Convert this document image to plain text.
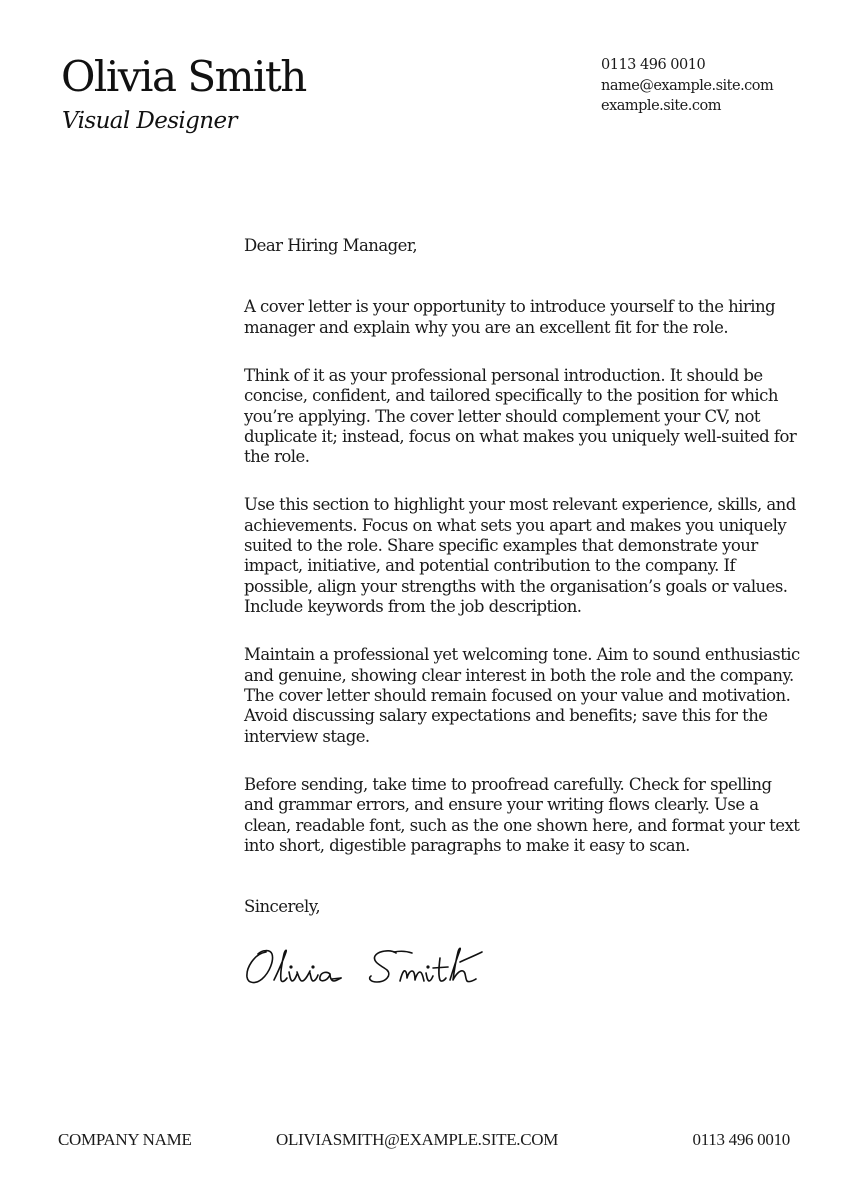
Olivia Smith
Visual Designer
0113 496 0010
name@example.site.com
example.site.com

Dear Hiring Manager,

A cover letter is your opportunity to introduce yourself to the hiring manager and explain why you are an excellent fit for the role.

Think of it as your professional personal introduction. It should be concise, confident, and tailored specifically to the position for which you’re applying. The cover letter should complement your CV, not duplicate it; instead, focus on what makes you uniquely well-suited for the role.

Use this section to highlight your most relevant experience, skills, and achievements. Focus on what sets you apart and makes you uniquely suited to the role. Share specific examples that demonstrate your impact, initiative, and potential contribution to the company. If possible, align your strengths with the organisation’s goals or values. Include keywords from the job description.

Maintain a professional yet welcoming tone. Aim to sound enthusiastic and genuine, showing clear interest in both the role and the company. The cover letter should remain focused on your value and motivation. Avoid discussing salary expectations and benefits; save this for the interview stage.

Before sending, take time to proofread carefully. Check for spelling and grammar errors, and ensure your writing flows clearly. Use a clean, readable font, such as the one shown here, and format your text into short, digestible paragraphs to make it easy to scan.

Sincerely,

COMPANY NAME	OLIVIASMITH@EXAMPLE.SITE.COM	0113 496 0010
